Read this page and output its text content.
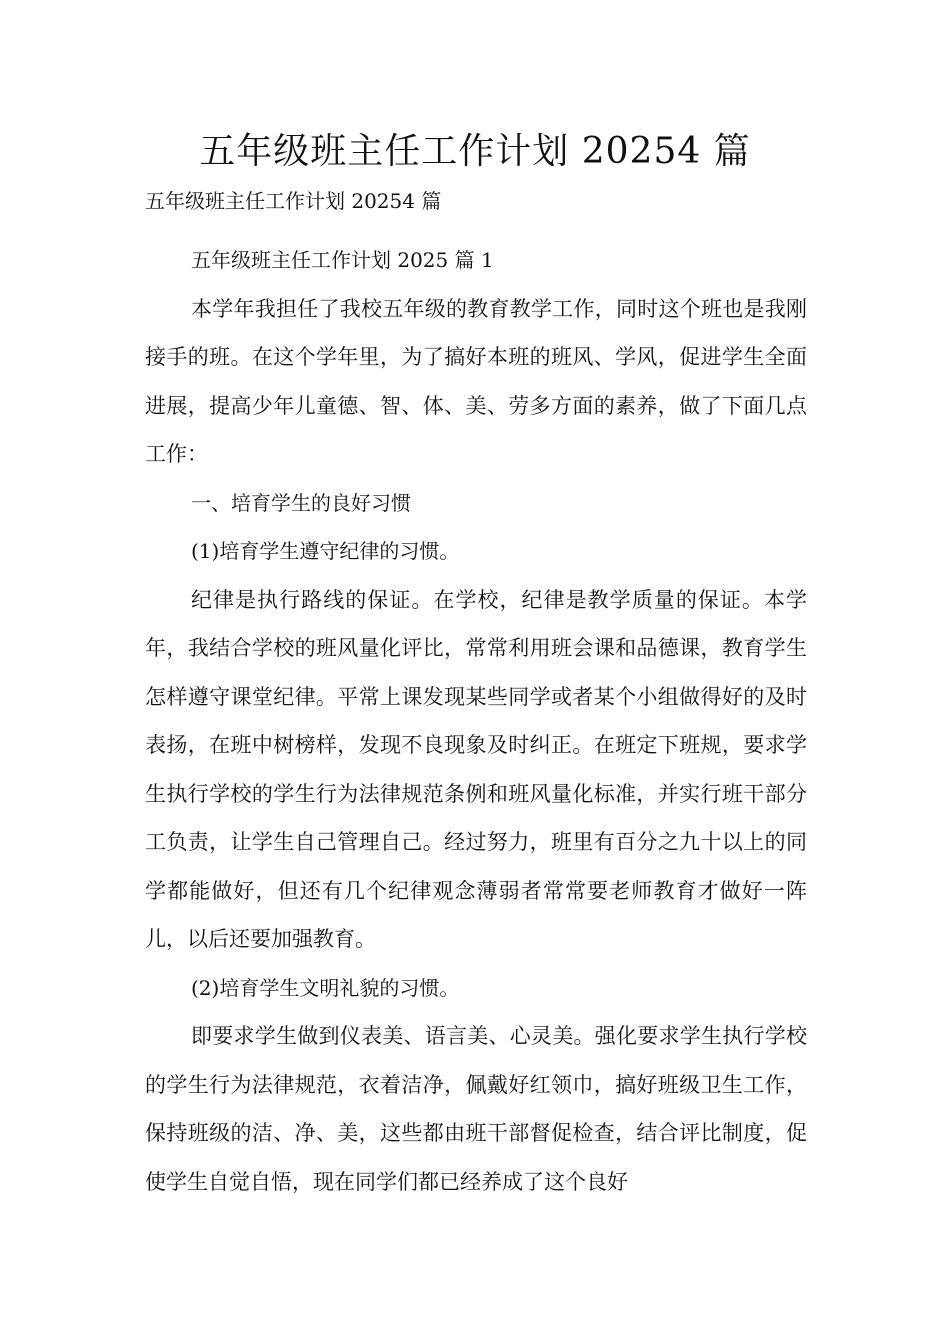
五年级班主任工作计划 20254 篇

五年级班主任工作计划 20254 篇

五年级班主任工作计划 2025 篇 1

本学年我担任了我校五年级的教育教学工作，同时这个班也是我刚接手的班。在这个学年里，为了搞好本班的班风、学风，促进学生全面进展，提高少年儿童德、智、体、美、劳多方面的素养，做了下面几点工作：

一、培育学生的良好习惯

(1)培育学生遵守纪律的习惯。

纪律是执行路线的保证。在学校，纪律是教学质量的保证。本学年，我结合学校的班风量化评比，常常利用班会课和品德课，教育学生怎样遵守课堂纪律。平常上课发现某些同学或者某个小组做得好的及时表扬，在班中树榜样，发现不良现象及时纠正。在班定下班规，要求学生执行学校的学生行为法律规范条例和班风量化标准，并实行班干部分工负责，让学生自己管理自己。经过努力，班里有百分之九十以上的同学都能做好，但还有几个纪律观念薄弱者常常要老师教育才做好一阵儿，以后还要加强教育。

(2)培育学生文明礼貌的习惯。

即要求学生做到仪表美、语言美、心灵美。强化要求学生执行学校的学生行为法律规范，衣着洁净，佩戴好红领巾，搞好班级卫生工作，保持班级的洁、净、美，这些都由班干部督促检查，结合评比制度，促使学生自觉自悟，现在同学们都已经养成了这个良好
